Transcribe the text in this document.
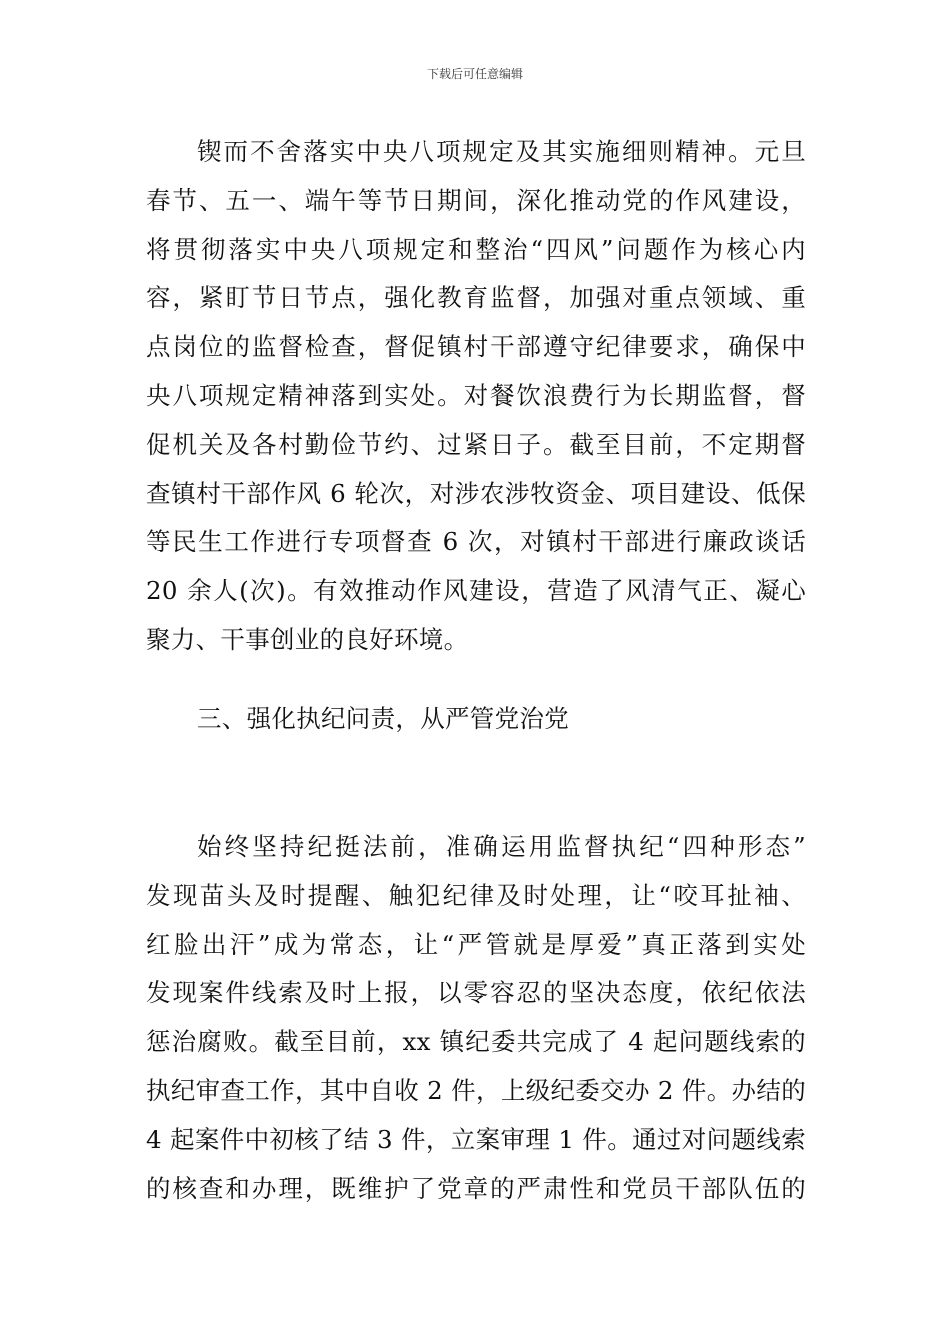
下载后可任意编辑
锲而不舍落实中央八项规定及其实施细则精神。元旦
春节、五一、端午等节日期间，深化推动党的作风建设，
将贯彻落实中央八项规定和整治“四风”问题作为核心内
容，紧盯节日节点，强化教育监督，加强对重点领域、重
点岗位的监督检查，督促镇村干部遵守纪律要求，确保中
央八项规定精神落到实处。对餐饮浪费行为长期监督，督
促机关及各村勤俭节约、过紧日子。截至目前，不定期督
查镇村干部作风 6 轮次，对涉农涉牧资金、项目建设、低保
等民生工作进行专项督查 6 次，对镇村干部进行廉政谈话
20 余人(次)。有效推动作风建设，营造了风清气正、凝心
聚力、干事创业的良好环境。
三、强化执纪问责，从严管党治党
始终坚持纪挺法前，准确运用监督执纪“四种形态”
发现苗头及时提醒、触犯纪律及时处理，让“咬耳扯袖、
红脸出汗”成为常态，让“严管就是厚爱”真正落到实处
发现案件线索及时上报，以零容忍的坚决态度，依纪依法
惩治腐败。截至目前，xx 镇纪委共完成了 4 起问题线索的
执纪审查工作，其中自收 2 件，上级纪委交办 2 件。办结的
4 起案件中初核了结 3 件，立案审理 1 件。通过对问题线索
的核查和办理，既维护了党章的严肃性和党员干部队伍的
